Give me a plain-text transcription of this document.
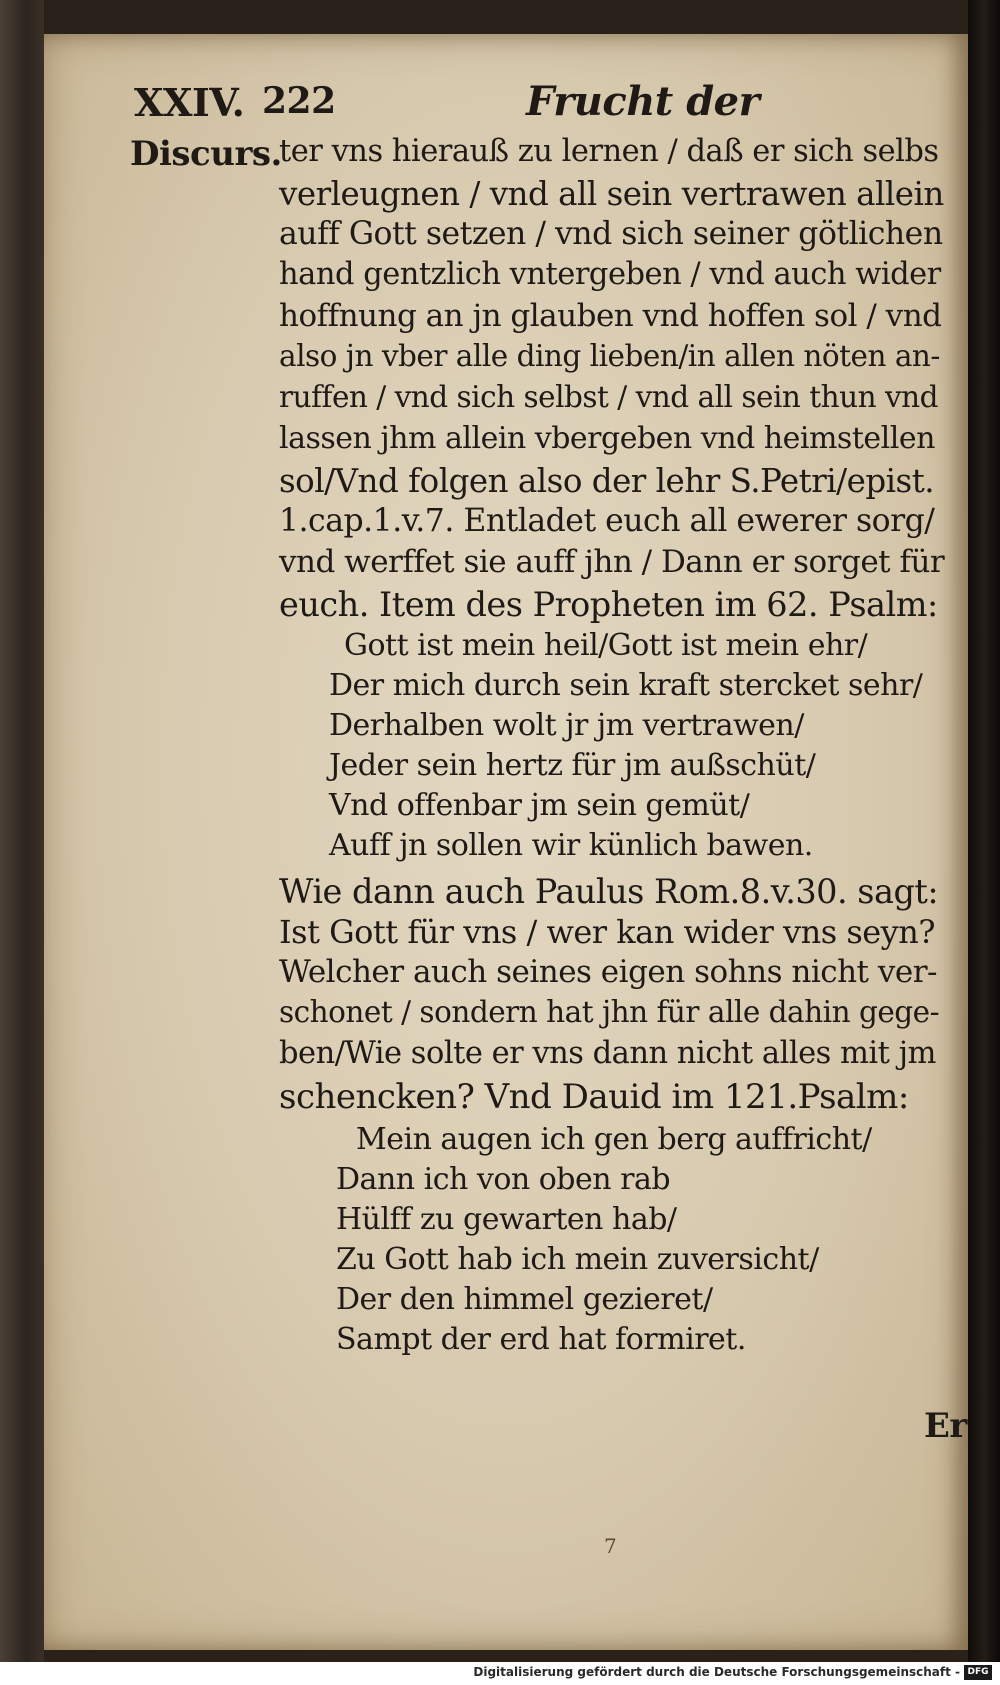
XXIV. 222	Frucht der
Discurs.
ter vns hierauß zu lernen / daß er sich selbs
verleugnen / vnd all sein vertrawen allein
auff Gott setzen / vnd sich seiner götlichen
hand gentzlich vntergeben / vnd auch wider
hoffnung an jn glauben vnd hoffen sol / vnd
also jn vber alle ding lieben/in allen nöten an-
ruffen / vnd sich selbst / vnd all sein thun vnd
lassen jhm allein vbergeben vnd heimstellen
sol/Vnd folgen also der lehr S.Petri/epist.
1.cap.1.v.7. Entladet euch all ewerer sorg/
vnd werffet sie auff jhn / Dann er sorget für
euch. Item des Propheten im 62. Psalm:
Gott ist mein heil/Gott ist mein ehr/
Der mich durch sein kraft stercket sehr/
Derhalben wolt jr jm vertrawen/
Jeder sein hertz für jm außschüt/
Vnd offenbar jm sein gemüt/
Auff jn sollen wir künlich bawen.
Wie dann auch Paulus Rom.8.v.30. sagt:
Ist Gott für vns / wer kan wider vns seyn?
Welcher auch seines eigen sohns nicht ver-
schonet / sondern hat jhn für alle dahin gege-
ben/Wie solte er vns dann nicht alles mit jm
schencken? Vnd Dauid im 121.Psalm:
Mein augen ich gen berg auffricht/
Dann ich von oben rab
Hülff zu gewarten hab/
Zu Gott hab ich mein zuversicht/
Der den himmel gezieret/
Sampt der erd hat formiret.
Er
7
Digitalisierung gefördert durch die Deutsche Forschungsgemeinschaft - DFG
